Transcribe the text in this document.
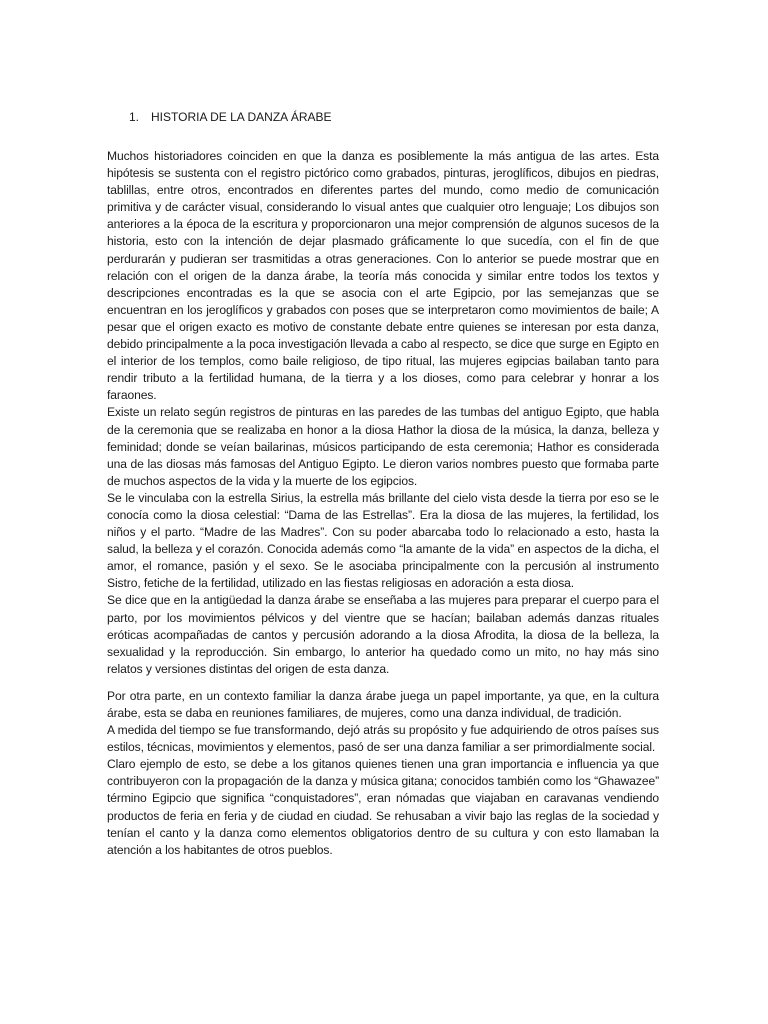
1. HISTORIA DE LA DANZA ÁRABE

Muchos historiadores coinciden en que la danza es posiblemente la más antigua de las artes. Esta hipótesis se sustenta con el registro pictórico como grabados, pinturas, jeroglíficos, dibujos en piedras, tablillas, entre otros, encontrados en diferentes partes del mundo, como medio de comunicación primitiva y de carácter visual, considerando lo visual antes que cualquier otro lenguaje; Los dibujos son anteriores a la época de la escritura y proporcionaron una mejor comprensión de algunos sucesos de la historia, esto con la intención de dejar plasmado gráficamente lo que sucedía, con el fin de que perdurarán y pudieran ser trasmitidas a otras generaciones. Con lo anterior se puede mostrar que en relación con el origen de la danza árabe, la teoría más conocida y similar entre todos los textos y descripciones encontradas es la que se asocia con el arte Egipcio, por las semejanzas que se encuentran en los jeroglíficos y grabados con poses que se interpretaron como movimientos de baile; A pesar que el origen exacto es motivo de constante debate entre quienes se interesan por esta danza, debido principalmente a la poca investigación llevada a cabo al respecto, se dice que surge en Egipto en el interior de los templos, como baile religioso, de tipo ritual, las mujeres egipcias bailaban tanto para rendir tributo a la fertilidad humana, de la tierra y a los dioses, como para celebrar y honrar a los faraones.

Existe un relato según registros de pinturas en las paredes de las tumbas del antiguo Egipto, que habla de la ceremonia que se realizaba en honor a la diosa Hathor la diosa de la música, la danza, belleza y feminidad; donde se veían bailarinas, músicos participando de esta ceremonia; Hathor es considerada una de las diosas más famosas del Antiguo Egipto. Le dieron varios nombres puesto que formaba parte de muchos aspectos de la vida y la muerte de los egipcios.

Se le vinculaba con la estrella Sirius, la estrella más brillante del cielo vista desde la tierra por eso se le conocía como la diosa celestial: “Dama de las Estrellas”. Era la diosa de las mujeres, la fertilidad, los niños y el parto. “Madre de las Madres”. Con su poder abarcaba todo lo relacionado a esto, hasta la salud, la belleza y el corazón. Conocida además como “la amante de la vida” en aspectos de la dicha, el amor, el romance, pasión y el sexo. Se le asociaba principalmente con la percusión al instrumento Sistro, fetiche de la fertilidad, utilizado en las fiestas religiosas en adoración a esta diosa.

Se dice que en la antigüedad la danza árabe se enseñaba a las mujeres para preparar el cuerpo para el parto, por los movimientos pélvicos y del vientre que se hacían; bailaban además danzas rituales eróticas acompañadas de cantos y percusión adorando a la diosa Afrodita, la diosa de la belleza, la sexualidad y la reproducción. Sin embargo, lo anterior ha quedado como un mito, no hay más sino relatos y versiones distintas del origen de esta danza.

Por otra parte, en un contexto familiar la danza árabe juega un papel importante, ya que, en la cultura árabe, esta se daba en reuniones familiares, de mujeres, como una danza individual, de tradición.

A medida del tiempo se fue transformando, dejó atrás su propósito y fue adquiriendo de otros países sus estilos, técnicas, movimientos y elementos, pasó de ser una danza familiar a ser primordialmente social.

Claro ejemplo de esto, se debe a los gitanos quienes tienen una gran importancia e influencia ya que contribuyeron con la propagación de la danza y música gitana; conocidos también como los “Ghawazee” término Egipcio que significa “conquistadores”, eran nómadas que viajaban en caravanas vendiendo productos de feria en feria y de ciudad en ciudad. Se rehusaban a vivir bajo las reglas de la sociedad y tenían el canto y la danza como elementos obligatorios dentro de su cultura y con esto llamaban la atención a los habitantes de otros pueblos.
